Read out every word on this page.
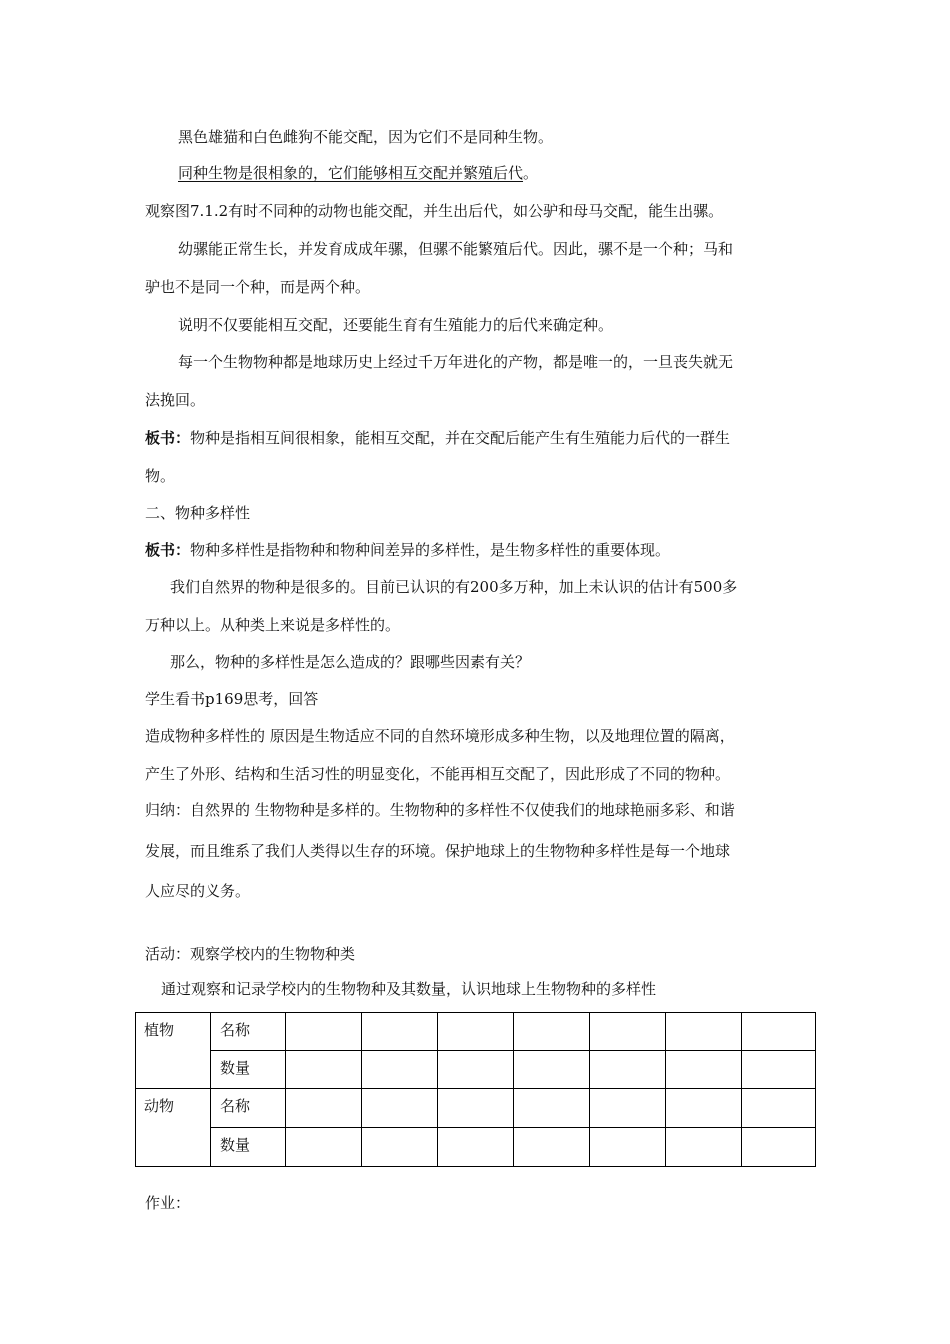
黑色雄猫和白色雌狗不能交配，因为它们不是同种生物。
同种生物是很相象的，它们能够相互交配并繁殖后代。
观察图7.1.2有时不同种的动物也能交配，并生出后代，如公驴和母马交配，能生出骡。
幼骡能正常生长，并发育成成年骡，但骡不能繁殖后代。因此，骡不是一个种；马和
驴也不是同一个种，而是两个种。
说明不仅要能相互交配，还要能生育有生殖能力的后代来确定种。
每一个生物物种都是地球历史上经过千万年进化的产物，都是唯一的，一旦丧失就无
法挽回。
板书：物种是指相互间很相象，能相互交配，并在交配后能产生有生殖能力后代的一群生
物。
二、物种多样性
板书：物种多样性是指物种和物种间差异的多样性，是生物多样性的重要体现。
我们自然界的物种是很多的。目前已认识的有200多万种，加上未认识的估计有500多
万种以上。从种类上来说是多样性的。
那么，物种的多样性是怎么造成的？跟哪些因素有关？
学生看书p169思考，回答
造成物种多样性的 原因是生物适应不同的自然环境形成多种生物，以及地理位置的隔离，
产生了外形、结构和生活习性的明显变化，不能再相互交配了，因此形成了不同的物种。
归纳：自然界的 生物物种是多样的。生物物种的多样性不仅使我们的地球艳丽多彩、和谐
发展，而且维系了我们人类得以生存的环境。保护地球上的生物物种多样性是每一个地球
人应尽的义务。
活动：观察学校内的生物物种类
通过观察和记录学校内的生物物种及其数量，认识地球上生物物种的多样性
植物	名称							
	数量							
动物	名称							
	数量							
作业：
